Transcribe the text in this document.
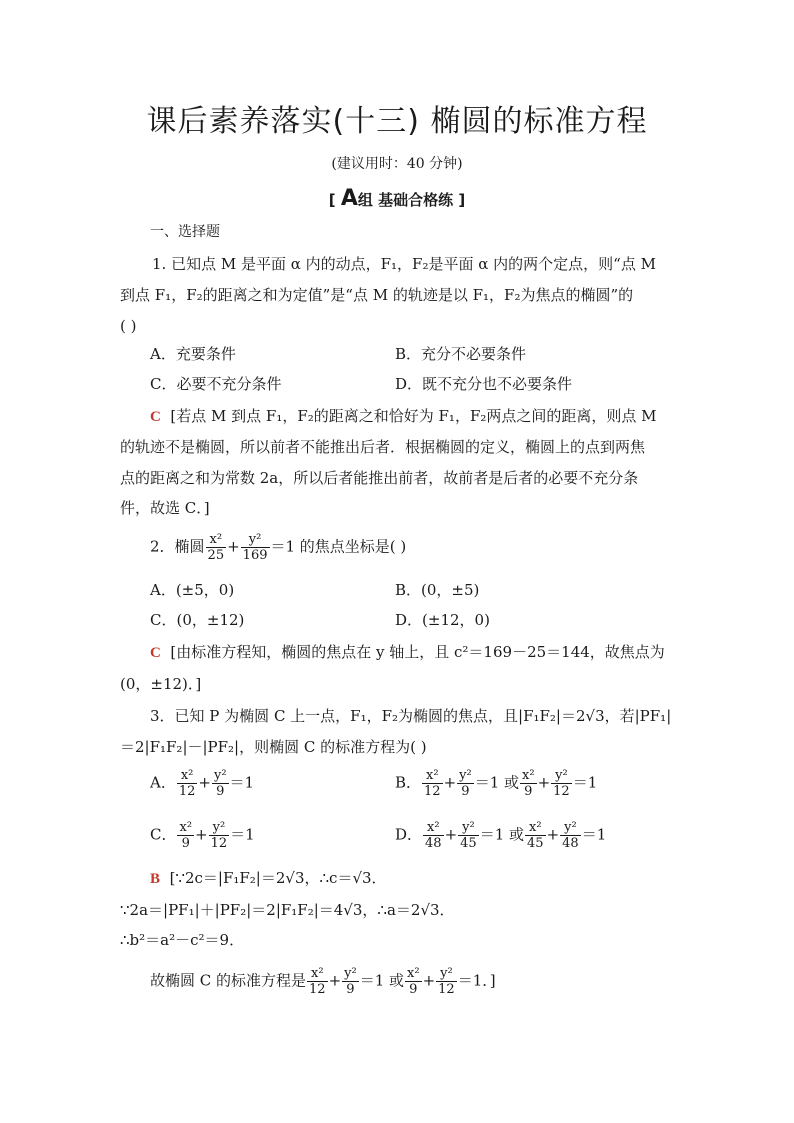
课后素养落实(十三) 椭圆的标准方程
(建议用时：40 分钟)
[ A组 基础合格练 ]
一、选择题
1. 已知点 M 是平面 α 内的动点，F₁，F₂是平面 α 内的两个定点，则“点 M
到点 F₁，F₂的距离之和为定值”是“点 M 的轨迹是以 F₁，F₂为焦点的椭圆”的
( )
A．充要条件	B．充分不必要条件
C．必要不充分条件	D．既不充分也不必要条件
C [若点 M 到点 F₁，F₂的距离之和恰好为 F₁，F₂两点之间的距离，则点 M
的轨迹不是椭圆，所以前者不能推出后者．根据椭圆的定义，椭圆上的点到两焦
点的距离之和为常数 2a，所以后者能推出前者，故前者是后者的必要不充分条
件，故选 C．]
2．椭圆 $\frac{\text{x²}}{25} + \frac{\text{y²}}{169} =1$ 的焦点坐标是( )
A．(±5，0)	B．(0，±5)
C．(0，±12)	D．(±12，0)
C [由标准方程知，椭圆的焦点在 y 轴上，且 c²＝169－25＝144，故焦点为
(0，±12)．]
3．已知 P 为椭圆 C 上一点，F₁，F₂为椭圆的焦点，且|F₁F₂|＝2√3，若|PF₁|
＝2|F₁F₂|－|PF₂|，则椭圆 C 的标准方程为( )
A． $\frac{\text{x²}}{12} + \frac{\text{y²}}{9} =1$	B． $\frac{\text{x²}}{12} + \frac{\text{y²}}{9} =1$ 或 $\frac{\text{x²}}{9} + \frac{\text{y²}}{12} =1$
C． $\frac{\text{x²}}{9} + \frac{\text{y²}}{12} =1$	D． $\frac{\text{x²}}{48} + \frac{\text{y²}}{45} =1$ 或 $\frac{\text{x²}}{45} + \frac{\text{y²}}{48} =1$
B [∵2c＝|F₁F₂|＝2√3，∴c＝√3．
∵2a＝|PF₁|＋|PF₂|＝2|F₁F₂|＝4√3，∴a＝2√3．
∴b²＝a²－c²＝9．
故椭圆 C 的标准方程是 $\frac{\text{x²}}{12} + \frac{\text{y²}}{9} =1$ 或 $\frac{\text{x²}}{9} + \frac{\text{y²}}{12} =1$．]
